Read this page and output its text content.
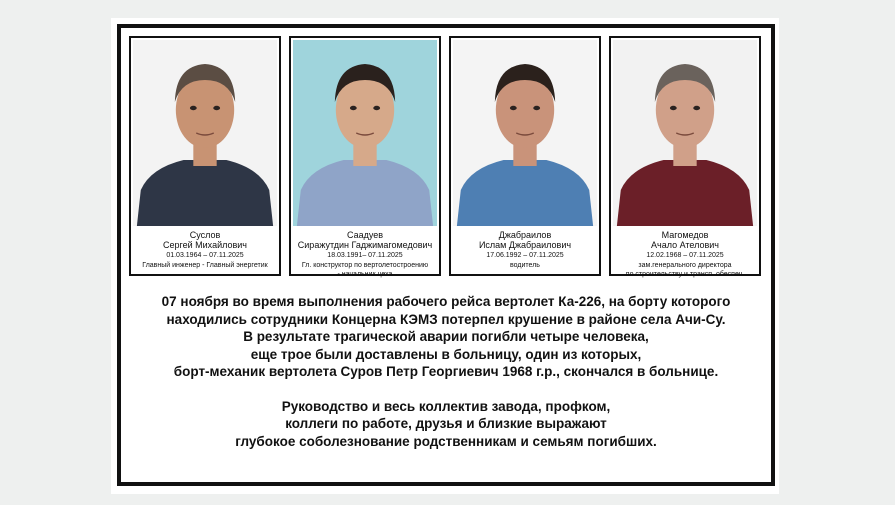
Суслов
Сергей Михайлович
01.03.1964 – 07.11.2025
Главный инженер - Главный энергетик
Саадуев
Сиражутдин Гаджимагомедович
18.03.1991– 07.11.2025
Гл. конструктор по вертолетостроению
- начальник цеха
Джабраилов
Ислам Джабраилович
17.06.1992 – 07.11.2025
водитель
Магомедов
Ачало Ателович
12.02.1968 – 07.11.2025
зам.генерального директора
по строительству и трансп. обеспеч.

07 ноября во время выполнения рабочего рейса вертолет Ка-226, на борту которого

находились сотрудники Концерна КЭМЗ потерпел крушение в районе села Ачи-Су.

В результате трагической аварии погибли четыре человека,

еще трое были доставлены в больницу, один из которых,

борт-механик вертолета Суров Петр Георгиевич 1968 г.р., скончался в больнице.

Руководство и весь коллектив завода, профком,

коллеги по работе, друзья и близкие выражают

глубокое соболезнование родственникам и семьям погибших.
